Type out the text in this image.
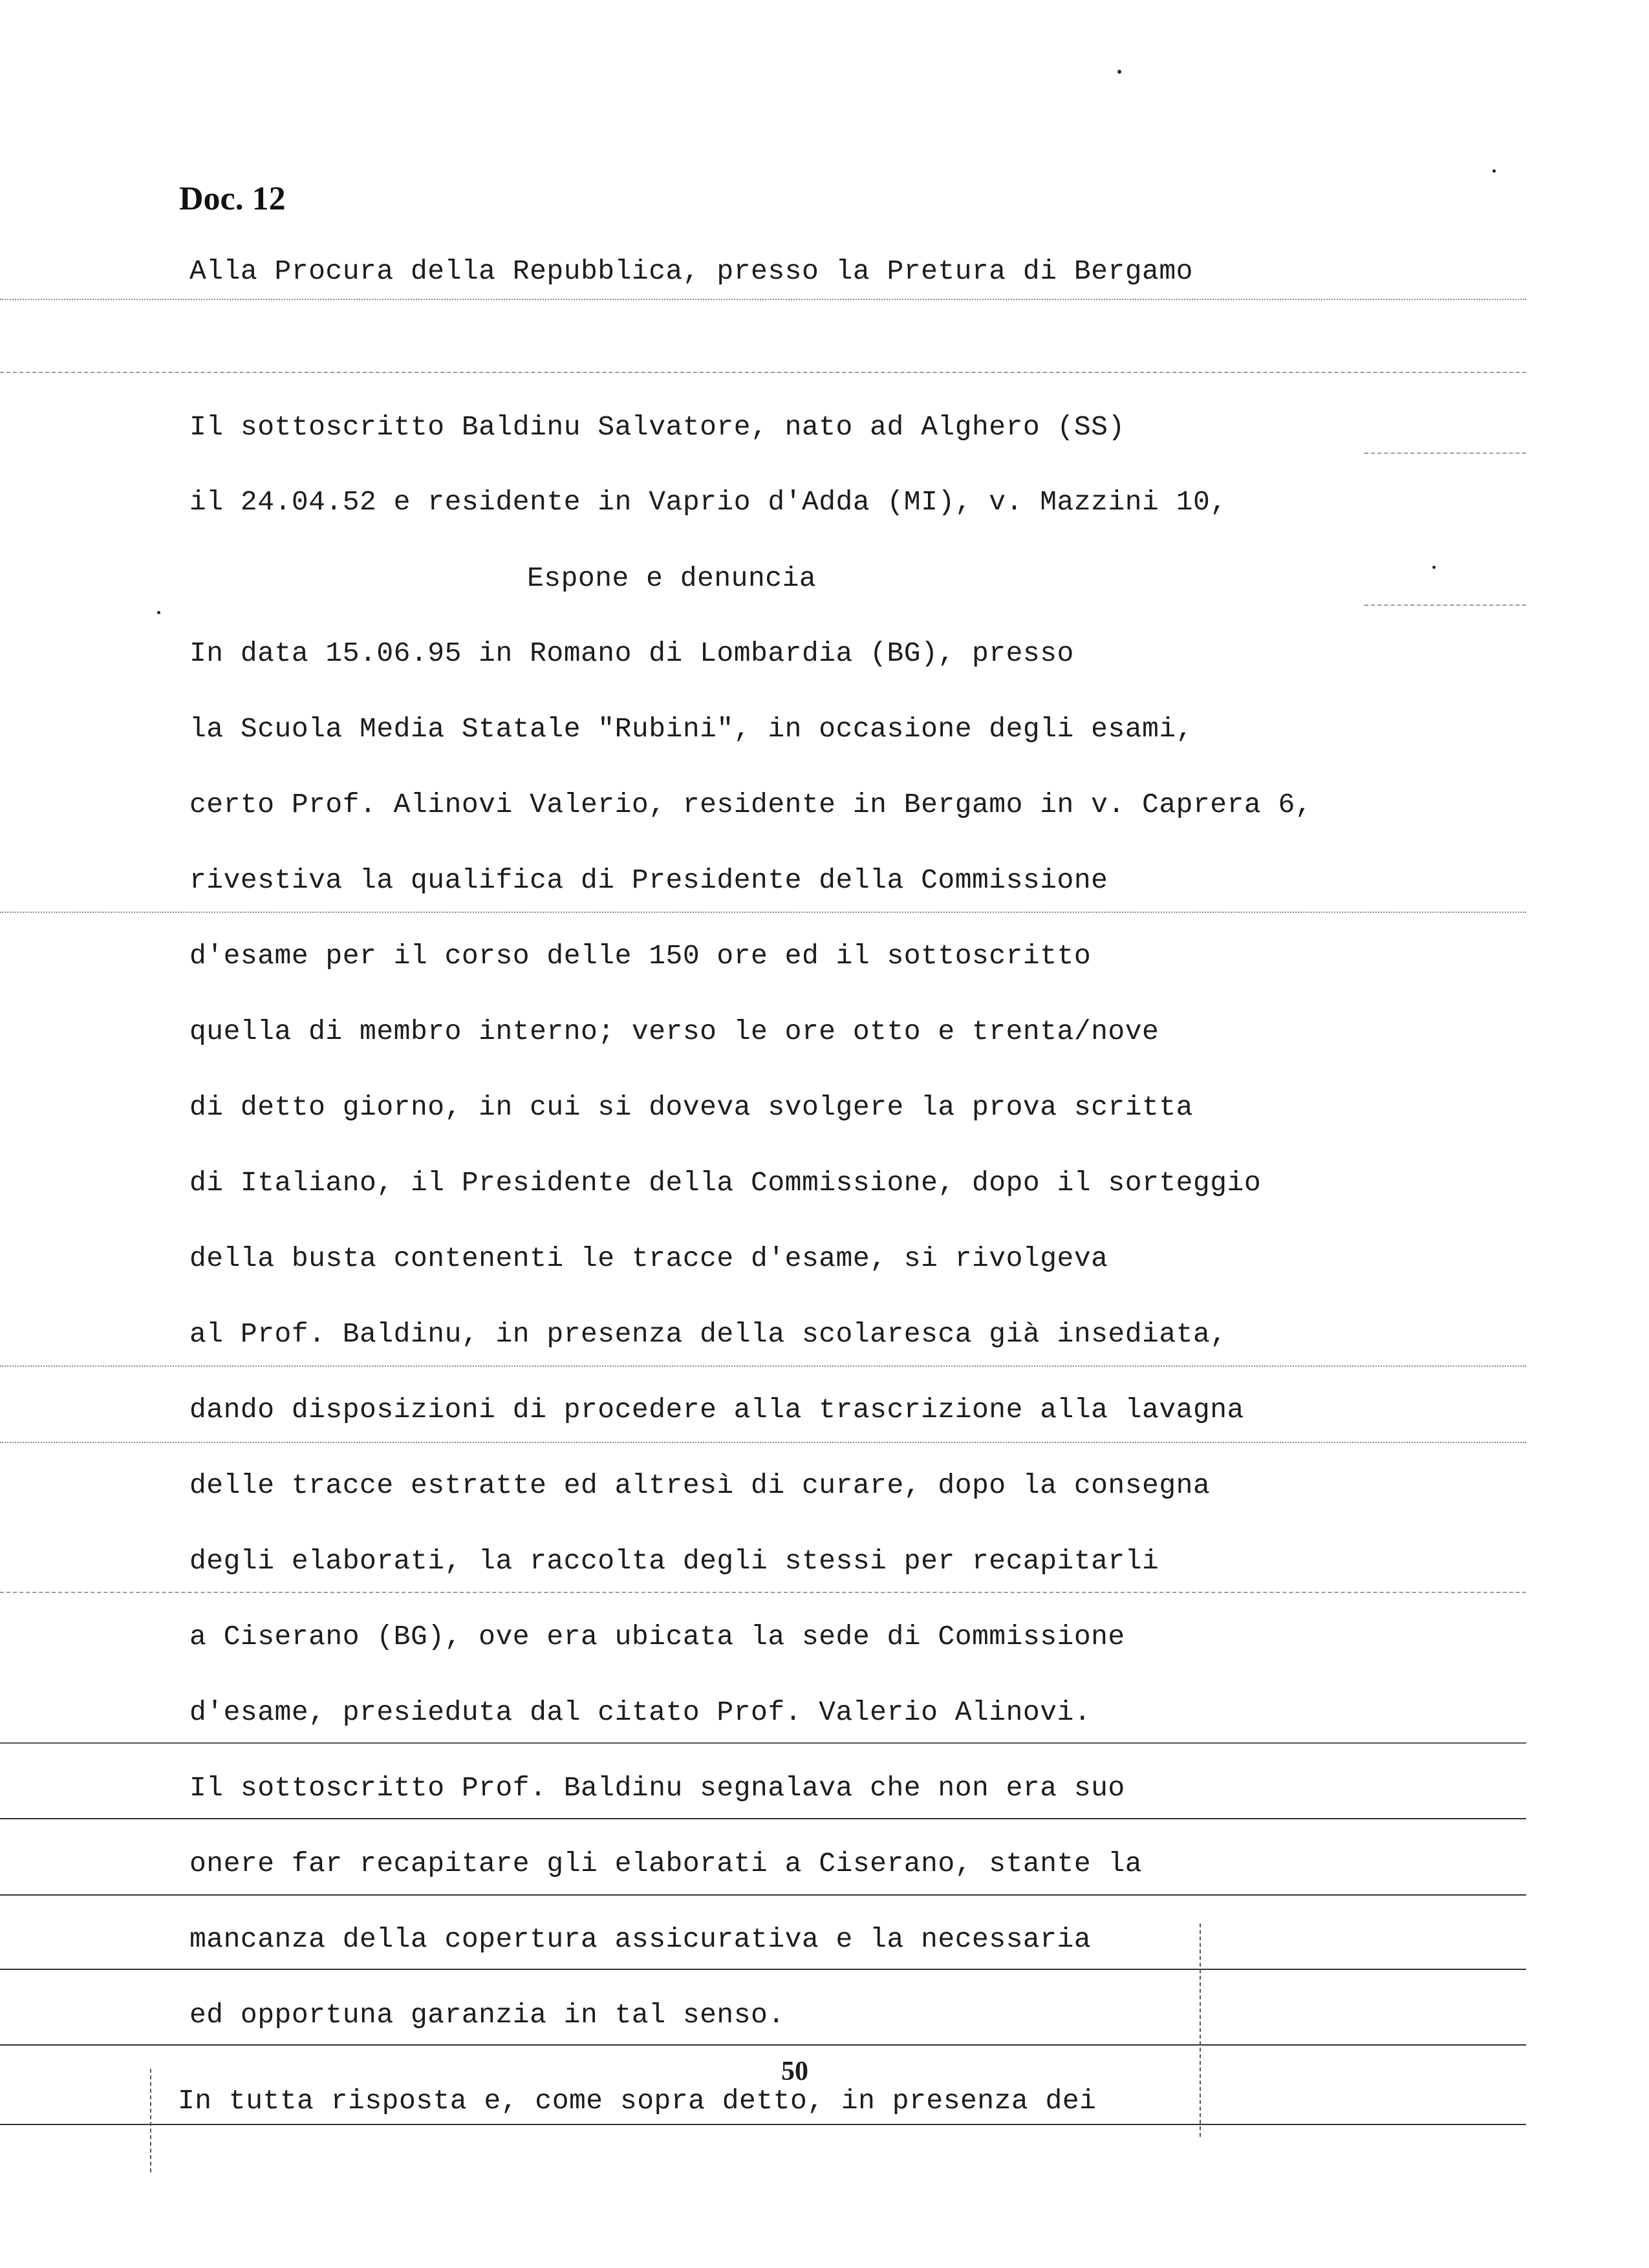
Doc. 12

Alla Procura della Repubblica, presso la Pretura di Bergamo

Il sottoscritto Baldinu Salvatore, nato ad Alghero (SS)

il 24.04.52 e residente in Vaprio d'Adda (MI), v. Mazzini 10,

Espone e denuncia

In data 15.06.95 in Romano di Lombardia (BG), presso

la Scuola Media Statale "Rubini", in occasione degli esami,

certo Prof. Alinovi Valerio, residente in Bergamo in v. Caprera 6,

rivestiva la qualifica di Presidente della Commissione

d'esame per il corso delle 150 ore ed il sottoscritto

quella di membro interno; verso le ore otto e trenta/nove

di detto giorno, in cui si doveva svolgere la prova scritta

di Italiano, il Presidente della Commissione, dopo il sorteggio

della busta contenenti le tracce d'esame, si rivolgeva

al Prof. Baldinu, in presenza della scolaresca già insediata,

dando disposizioni di procedere alla trascrizione alla lavagna

delle tracce estratte ed altresì di curare, dopo la consegna

degli elaborati, la raccolta degli stessi per recapitarli

a Ciserano (BG), ove era ubicata la sede di Commissione

d'esame, presieduta dal citato Prof. Valerio Alinovi.

Il sottoscritto Prof. Baldinu segnalava che non era suo

onere far recapitare gli elaborati a Ciserano, stante la

mancanza della copertura assicurativa e la necessaria

ed opportuna garanzia in tal senso.

50

In tutta risposta e, come sopra detto, in presenza dei
